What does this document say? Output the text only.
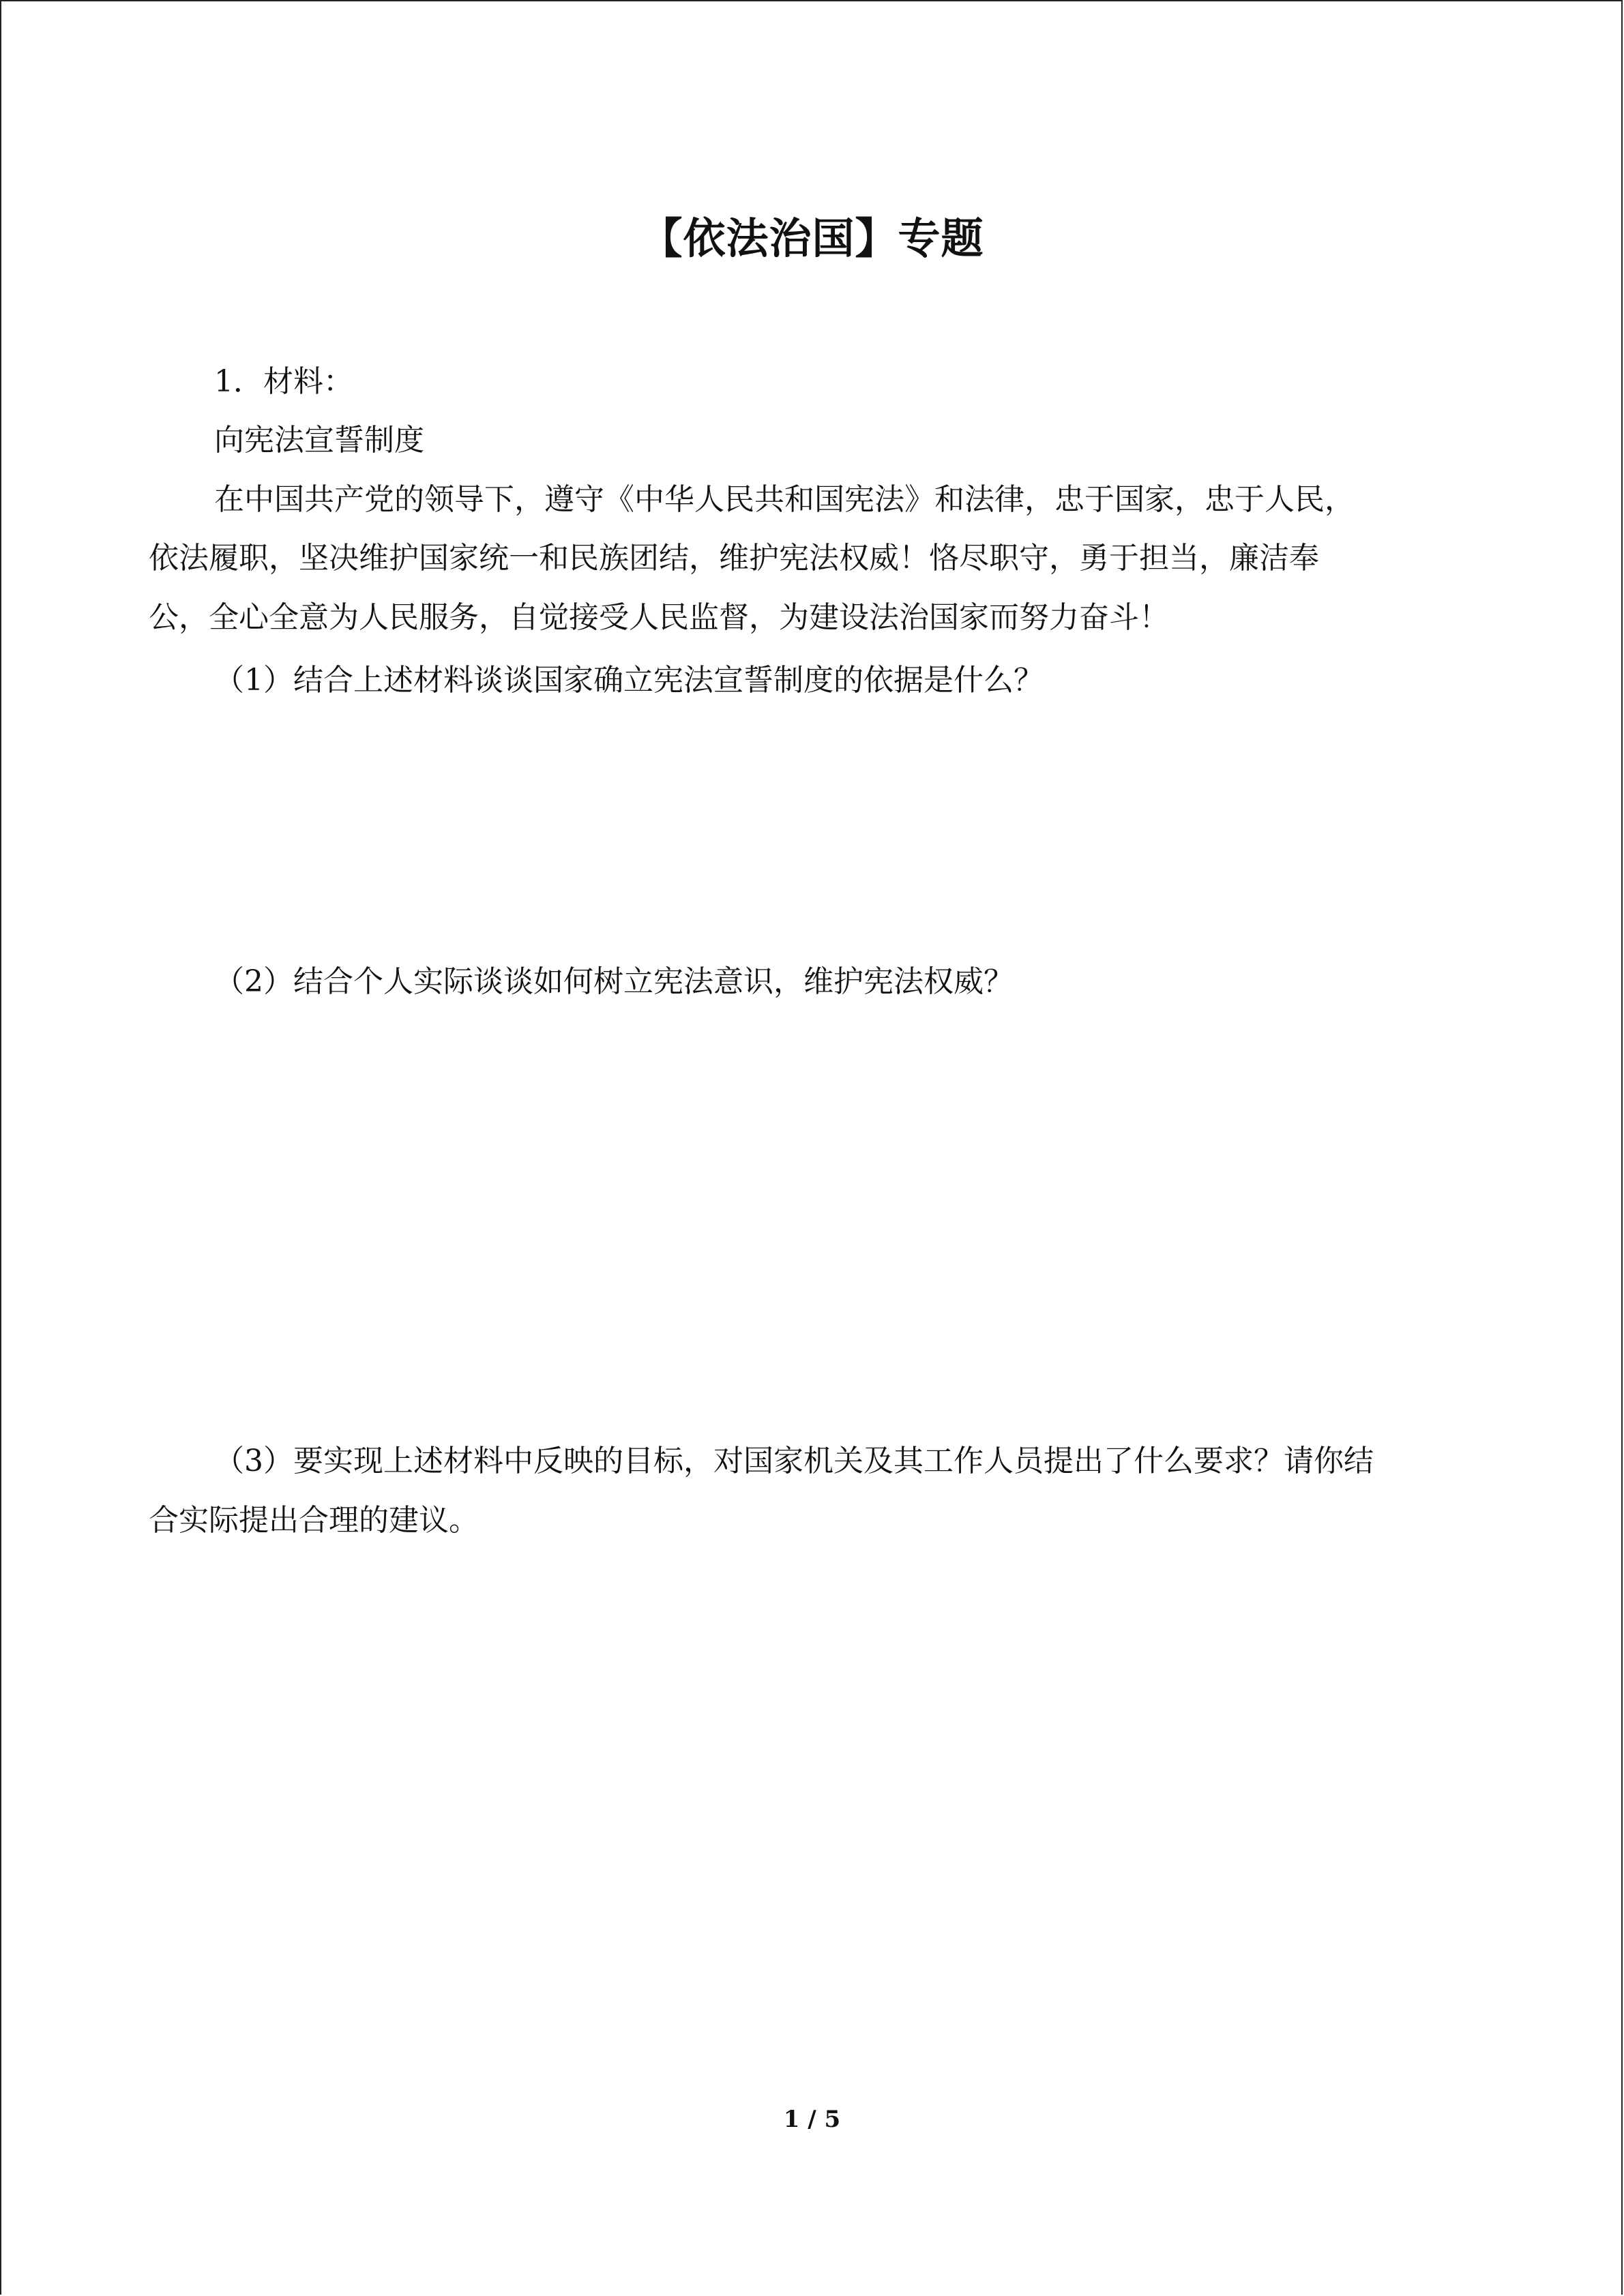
【依法治国】专题
1．材料：
向宪法宣誓制度
在中国共产党的领导下，遵守《中华人民共和国宪法》和法律，忠于国家，忠于人民，
依法履职，坚决维护国家统一和民族团结，维护宪法权威！恪尽职守，勇于担当，廉洁奉
公，全心全意为人民服务，自觉接受人民监督，为建设法治国家而努力奋斗！
（1）结合上述材料谈谈国家确立宪法宣誓制度的依据是什么？
（2）结合个人实际谈谈如何树立宪法意识，维护宪法权威？
（3）要实现上述材料中反映的目标，对国家机关及其工作人员提出了什么要求？请你结
合实际提出合理的建议。
1 / 5
